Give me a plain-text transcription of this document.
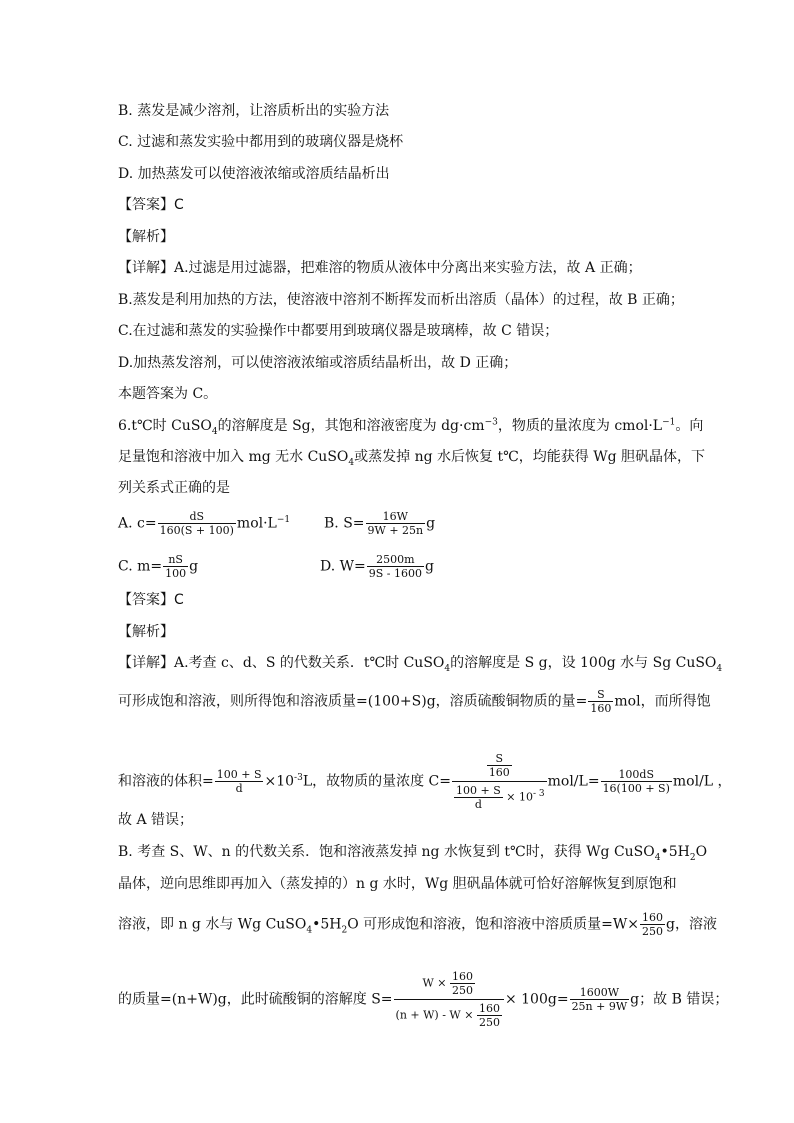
B. 蒸发是减少溶剂，让溶质析出的实验方法
C. 过滤和蒸发实验中都用到的玻璃仪器是烧杯
D. 加热蒸发可以使溶液浓缩或溶质结晶析出
【答案】C
【解析】
【详解】A.过滤是用过滤器，把难溶的物质从液体中分离出来实验方法，故 A 正确；
B.蒸发是利用加热的方法，使溶液中溶剂不断挥发而析出溶质（晶体）的过程，故 B 正确；
C.在过滤和蒸发的实验操作中都要用到玻璃仪器是玻璃棒，故 C 错误；
D.加热蒸发溶剂，可以使溶液浓缩或溶质结晶析出，故 D 正确；
本题答案为 C。
6.t℃时 CuSO$_4$的溶解度是 Sg，其饱和溶液密度为 $dg\cdot cm^{-3}$，物质的量浓度为 $cmol\cdot L^{-1}$。向
足量饱和溶液中加入 mg 无水 CuSO$_4$或蒸发掉 ng 水后恢复 t℃，均能获得 Wg 胆矾晶体，下
列关系式正确的是
A. $c= \frac{dS}{160(S + 100)} mol\cdot L^{-1}$ B. $S= \frac{16W}{9W + 25n}$ g
C. $m= \frac{nS}{100}$ g	D. $W= \frac{2500m}{9S - 1600}$ g
【答案】C
【解析】
【详解】A.考查 c、d、S 的代数关系．t℃时 CuSO$_4$的溶解度是 S g，设 100g 水与 Sg CuSO$_4$
可形成饱和溶液，则所得饱和溶液质量=(100+S)g，溶质硫酸铜物质的量= $\frac{S}{160}$ mol，而所得饱
和溶液的体积= $\frac{100 + S}{d} \times 10^{-3}L$，故物质的量浓度 $C= \frac{\frac{S}{160}}{\frac{100 + S}{d} \times 10^{- 3}} mol/L= \frac{100dS}{16(100 + S)} mol/L$ ，
故 A 错误；
B. 考查 S、W、n 的代数关系．饱和溶液蒸发掉 ng 水恢复到 t℃时，获得 Wg $CuSO_4•5H_2O$
晶体，逆向思维即再加入（蒸发掉的）n g 水时，Wg 胆矾晶体就可恰好溶解恢复到原饱和
溶液，即 n g 水与 Wg $CuSO_4•5H_2O$ 可形成饱和溶液，饱和溶液中溶质质量$=W\times \frac{160}{250}$ g，溶液
的质量=(n+W)g，此时硫酸铜的溶解度 $S= \frac{W \times \frac{160}{250}}{(n + W) - W \times \frac{160}{250}} \times 100g= \frac{1600W}{25n + 9W}$ g；故 B 错误；
